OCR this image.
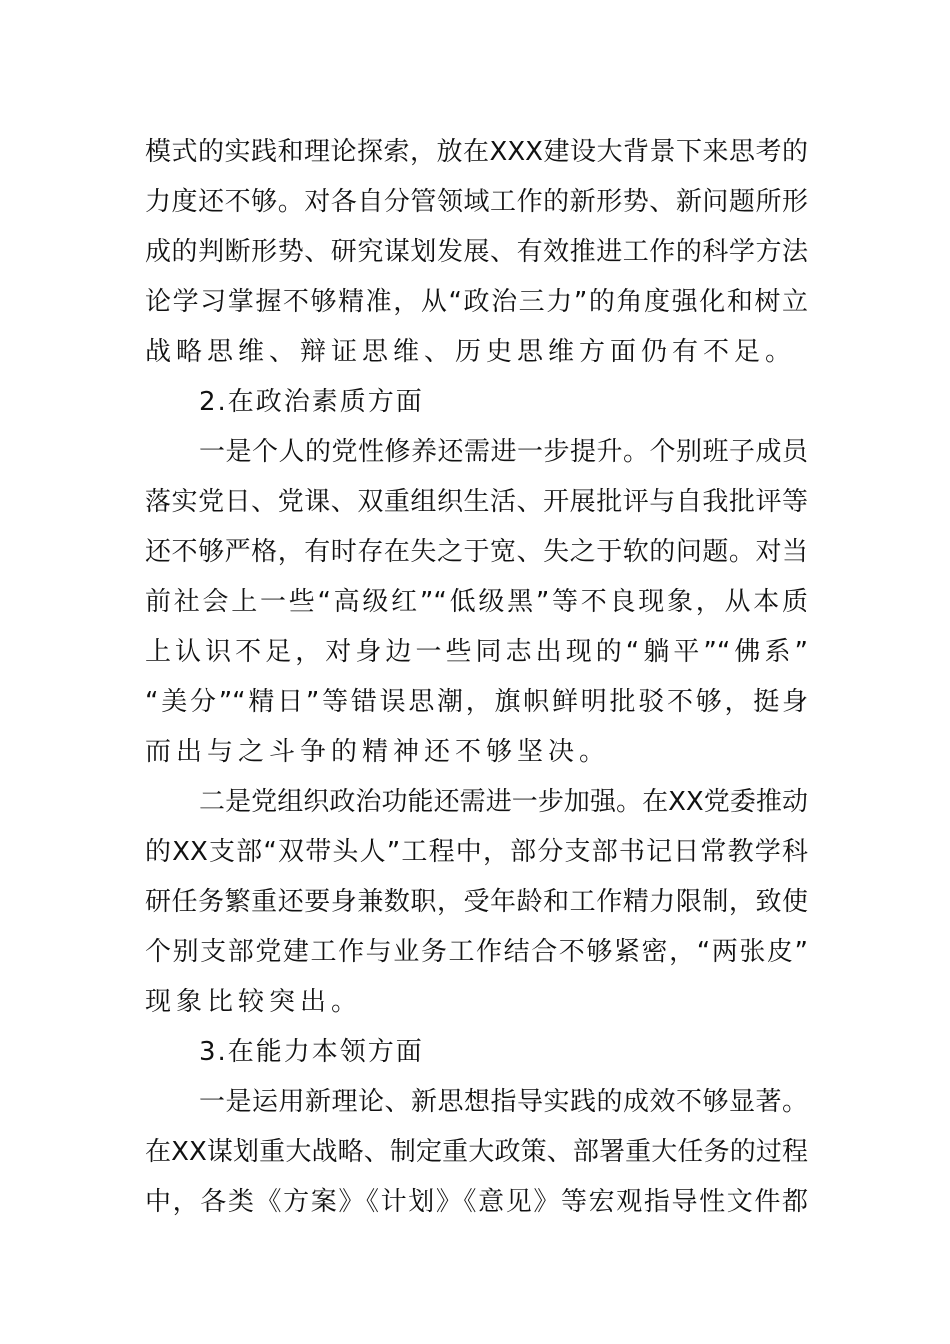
模式的实践和理论探索，放在XXX建设大背景下来思考的
力度还不够。对各自分管领域工作的新形势、新问题所形
成的判断形势、研究谋划发展、有效推进工作的科学方法
论学习掌握不够精准，从“政治三力”的角度强化和树立
战略思维、辩证思维、历史思维方面仍有不足。
2.在政治素质方面
一是个人的党性修养还需进一步提升。个别班子成员
落实党日、党课、双重组织生活、开展批评与自我批评等
还不够严格，有时存在失之于宽、失之于软的问题。对当
前社会上一些“高级红”“低级黑”等不良现象，从本质
上认识不足，对身边一些同志出现的“躺平”“佛系”
“美分”“精日”等错误思潮，旗帜鲜明批驳不够，挺身
而出与之斗争的精神还不够坚决。
二是党组织政治功能还需进一步加强。在XX党委推动
的XX支部“双带头人”工程中，部分支部书记日常教学科
研任务繁重还要身兼数职，受年龄和工作精力限制，致使
个别支部党建工作与业务工作结合不够紧密，“两张皮”
现象比较突出。
3.在能力本领方面
一是运用新理论、新思想指导实践的成效不够显著。
在XX谋划重大战略、制定重大政策、部署重大任务的过程
中，各类《方案》《计划》《意见》等宏观指导性文件都
